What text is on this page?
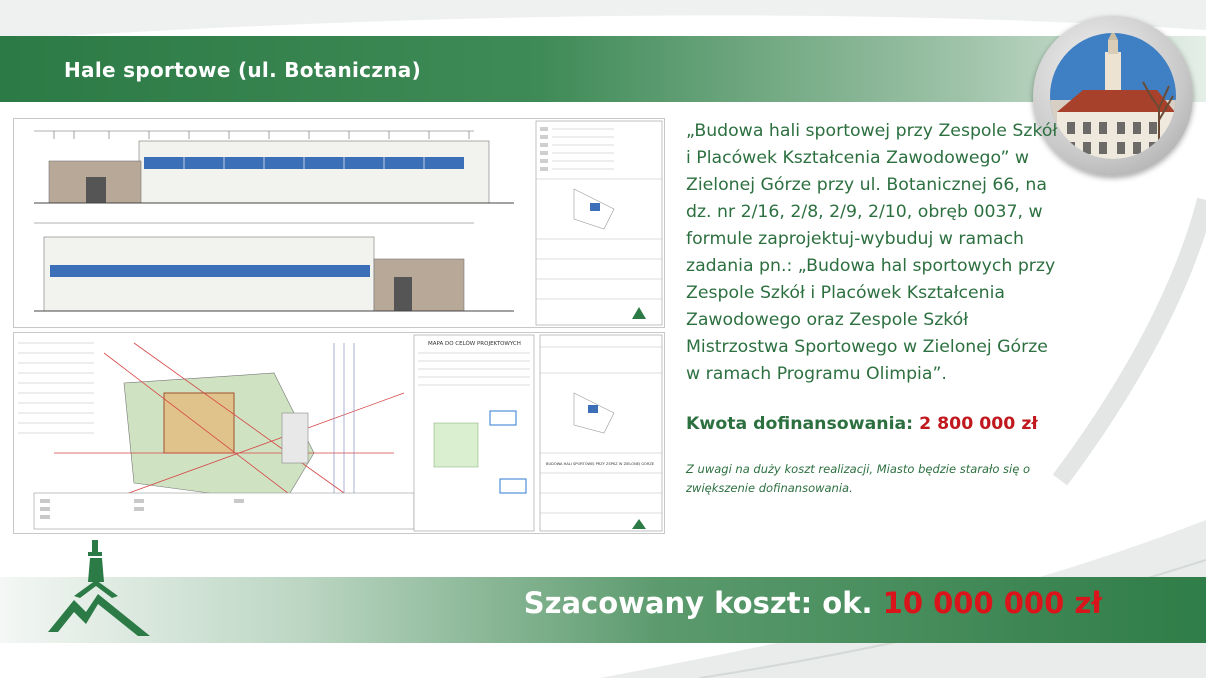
Hale sportowe (ul. Botaniczna)
MAPA DO CELÓW PROJEKTOWYCH
BUDOWA HALI SPORTOWEJ PRZY ZSPKZ W ZIELONEJ GÓRZE
„Budowa hali sportowej przy Zespole Szkół i Placówek Kształcenia Zawodowego” w Zielonej Górze przy ul. Botanicznej 66, na dz. nr 2/16, 2/8, 2/9, 2/10, obręb 0037, w formule zaprojektuj-wybuduj w ramach zadania pn.: „Budowa hal sportowych przy Zespole Szkół i Placówek Kształcenia Zawodowego oraz Zespole Szkół Mistrzostwa Sportowego w Zielonej Górze w ramach Programu Olimpia”.
Kwota dofinansowania: 2 800 000 zł
Z uwagi na duży koszt realizacji, Miasto będzie starało się o zwiększenie dofinansowania.
Szacowany koszt: ok. 10 000 000 zł
